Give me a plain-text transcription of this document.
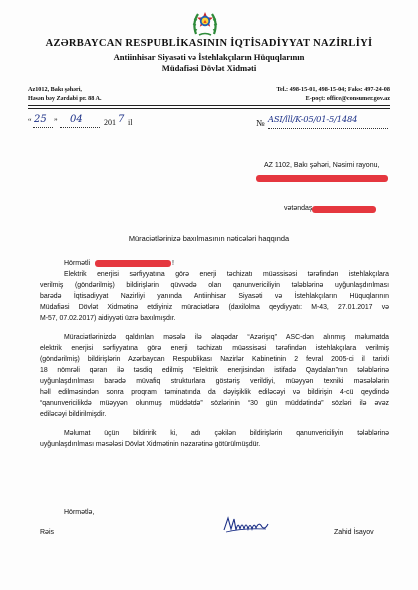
AZƏRBAYCAN RESPUBLİKASININ İQTİSADİYYAT NAZİRLİYİ
Antiinhisar Siyasəti və İstehlakçıların Hüquqlarının
Müdafiəsi Dövlət Xidməti
Az1012, Bakı şəhəri,
Həsən bəy Zərdabi pr. 88 A.
Tel.: 498-15-01, 498-15-04; Faks: 497-24-08
E-poçt: office@consumer.gov.az
“ 25 ” 04	201 7 il	№ ASI/lll/K-05/01-5/1484
AZ 1102, Bakı şəhəri, Nəsimi rayonu,
vətəndaş
Müraciətlərinizə baxılmasının nəticələri haqqında
Hörmətli	!
Elektrik enerjisi sərfiyyatına görə enerji təchizatı müəssisəsi tərəfindən istehlakçılara
verilmiş (göndərilmiş) bildirişlərin qüvvədə olan qanunvericiliyin tələblərinə uyğunlaşdırılması
barədə İqtisadiyyat Nazirliyi yanında Antiinhisar Siyasəti və İstehlakçıların Hüquqlarının
Müdafiəsi Dövlət Xidmətinə etdiyiniz müraciətlərə (daxilolma qeydiyyatı: M-43, 27.01.2017 və
M-57, 07.02.2017) aidiyyəti üzrə baxılmışdır.
Müraciətlərinizdə qaldırılan məsələ ilə əlaqədar “Azərişıq” ASC-dən alınmış məlumatda
elektrik enerjisi sərfiyyatına görə enerji təchizatı müəssisəsi tərəfindən istehlakçılara verilmiş
(göndərilmiş) bildirişlərin Azərbaycan Respublikası Nazirlər Kabinetinin 2 fevral 2005-ci il tarixli
18 nömrəli qərarı ilə təsdiq edilmiş “Elektrik enerjisindən istifadə Qaydaları”nın tələblərinə
uyğunlaşdırılması barədə müvafiq strukturlara göstəriş verildiyi, müəyyən texniki məsələlərin
həll edilməsindən sonra proqram təminatında da dəyişiklik ediləcəyi və bildirişin 4-cü qeydində
“qanunvericilikdə müəyyən olunmuş müddətdə” sözlərinin “30 gün müddətində” sözləri ilə əvəz
ediləcəyi bildirilmişdir.
Məlumat üçün bildiririk ki, adı çəkilən bildirişlərin qanunvericiliyin tələblərinə
uyğunlaşdırılması məsələsi Dövlət Xidmətinin nəzarətinə götürülmüşdür.
Hörmətlə,
Rəis	Zahid İsayov
